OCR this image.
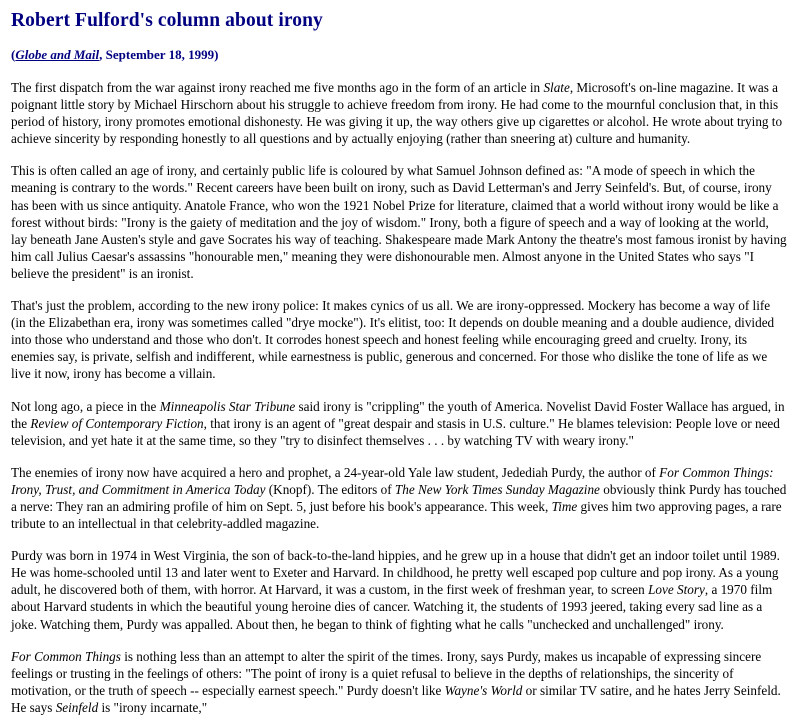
Robert Fulford's column about irony
(Globe and Mail, September 18, 1999)

The first dispatch from the war against irony reached me five months ago in the form of an article in Slate, Microsoft's on-line magazine. It was a poignant little story by Michael Hirschorn about his struggle to achieve freedom from irony. He had come to the mournful conclusion that, in this period of history, irony promotes emotional dishonesty. He was giving it up, the way others give up cigarettes or alcohol. He wrote about trying to achieve sincerity by responding honestly to all questions and by actually enjoying (rather than sneering at) culture and humanity.

This is often called an age of irony, and certainly public life is coloured by what Samuel Johnson defined as: "A mode of speech in which the meaning is contrary to the words." Recent careers have been built on irony, such as David Letterman's and Jerry Seinfeld's. But, of course, irony has been with us since antiquity. Anatole France, who won the 1921 Nobel Prize for literature, claimed that a world without irony would be like a forest without birds: "Irony is the gaiety of meditation and the joy of wisdom." Irony, both a figure of speech and a way of looking at the world, lay beneath Jane Austen's style and gave Socrates his way of teaching. Shakespeare made Mark Antony the theatre's most famous ironist by having him call Julius Caesar's assassins "honourable men," meaning they were dishonourable men. Almost anyone in the United States who says "I believe the president" is an ironist.

That's just the problem, according to the new irony police: It makes cynics of us all. We are irony-oppressed. Mockery has become a way of life (in the Elizabethan era, irony was sometimes called "drye mocke"). It's elitist, too: It depends on double meaning and a double audience, divided into those who understand and those who don't. It corrodes honest speech and honest feeling while encouraging greed and cruelty. Irony, its enemies say, is private, selfish and indifferent, while earnestness is public, generous and concerned. For those who dislike the tone of life as we live it now, irony has become a villain.

Not long ago, a piece in the Minneapolis Star Tribune said irony is "crippling" the youth of America. Novelist David Foster Wallace has argued, in the Review of Contemporary Fiction, that irony is an agent of "great despair and stasis in U.S. culture." He blames television: People love or need television, and yet hate it at the same time, so they "try to disinfect themselves . . . by watching TV with weary irony."

The enemies of irony now have acquired a hero and prophet, a 24-year-old Yale law student, Jedediah Purdy, the author of For Common Things: Irony, Trust, and Commitment in America Today (Knopf). The editors of The New York Times Sunday Magazine obviously think Purdy has touched a nerve: They ran an admiring profile of him on Sept. 5, just before his book's appearance. This week, Time gives him two approving pages, a rare tribute to an intellectual in that celebrity-addled magazine.

Purdy was born in 1974 in West Virginia, the son of back-to-the-land hippies, and he grew up in a house that didn't get an indoor toilet until 1989. He was home-schooled until 13 and later went to Exeter and Harvard. In childhood, he pretty well escaped pop culture and pop irony. As a young adult, he discovered both of them, with horror. At Harvard, it was a custom, in the first week of freshman year, to screen Love Story, a 1970 film about Harvard students in which the beautiful young heroine dies of cancer. Watching it, the students of 1993 jeered, taking every sad line as a joke. Watching them, Purdy was appalled. About then, he began to think of fighting what he calls "unchecked and unchallenged" irony.

For Common Things is nothing less than an attempt to alter the spirit of the times. Irony, says Purdy, makes us incapable of expressing sincere feelings or trusting in the feelings of others: "The point of irony is a quiet refusal to believe in the depths of relationships, the sincerity of motivation, or the truth of speech -- especially earnest speech." Purdy doesn't like Wayne's World or similar TV satire, and he hates Jerry Seinfeld. He says Seinfeld is "irony incarnate,"
